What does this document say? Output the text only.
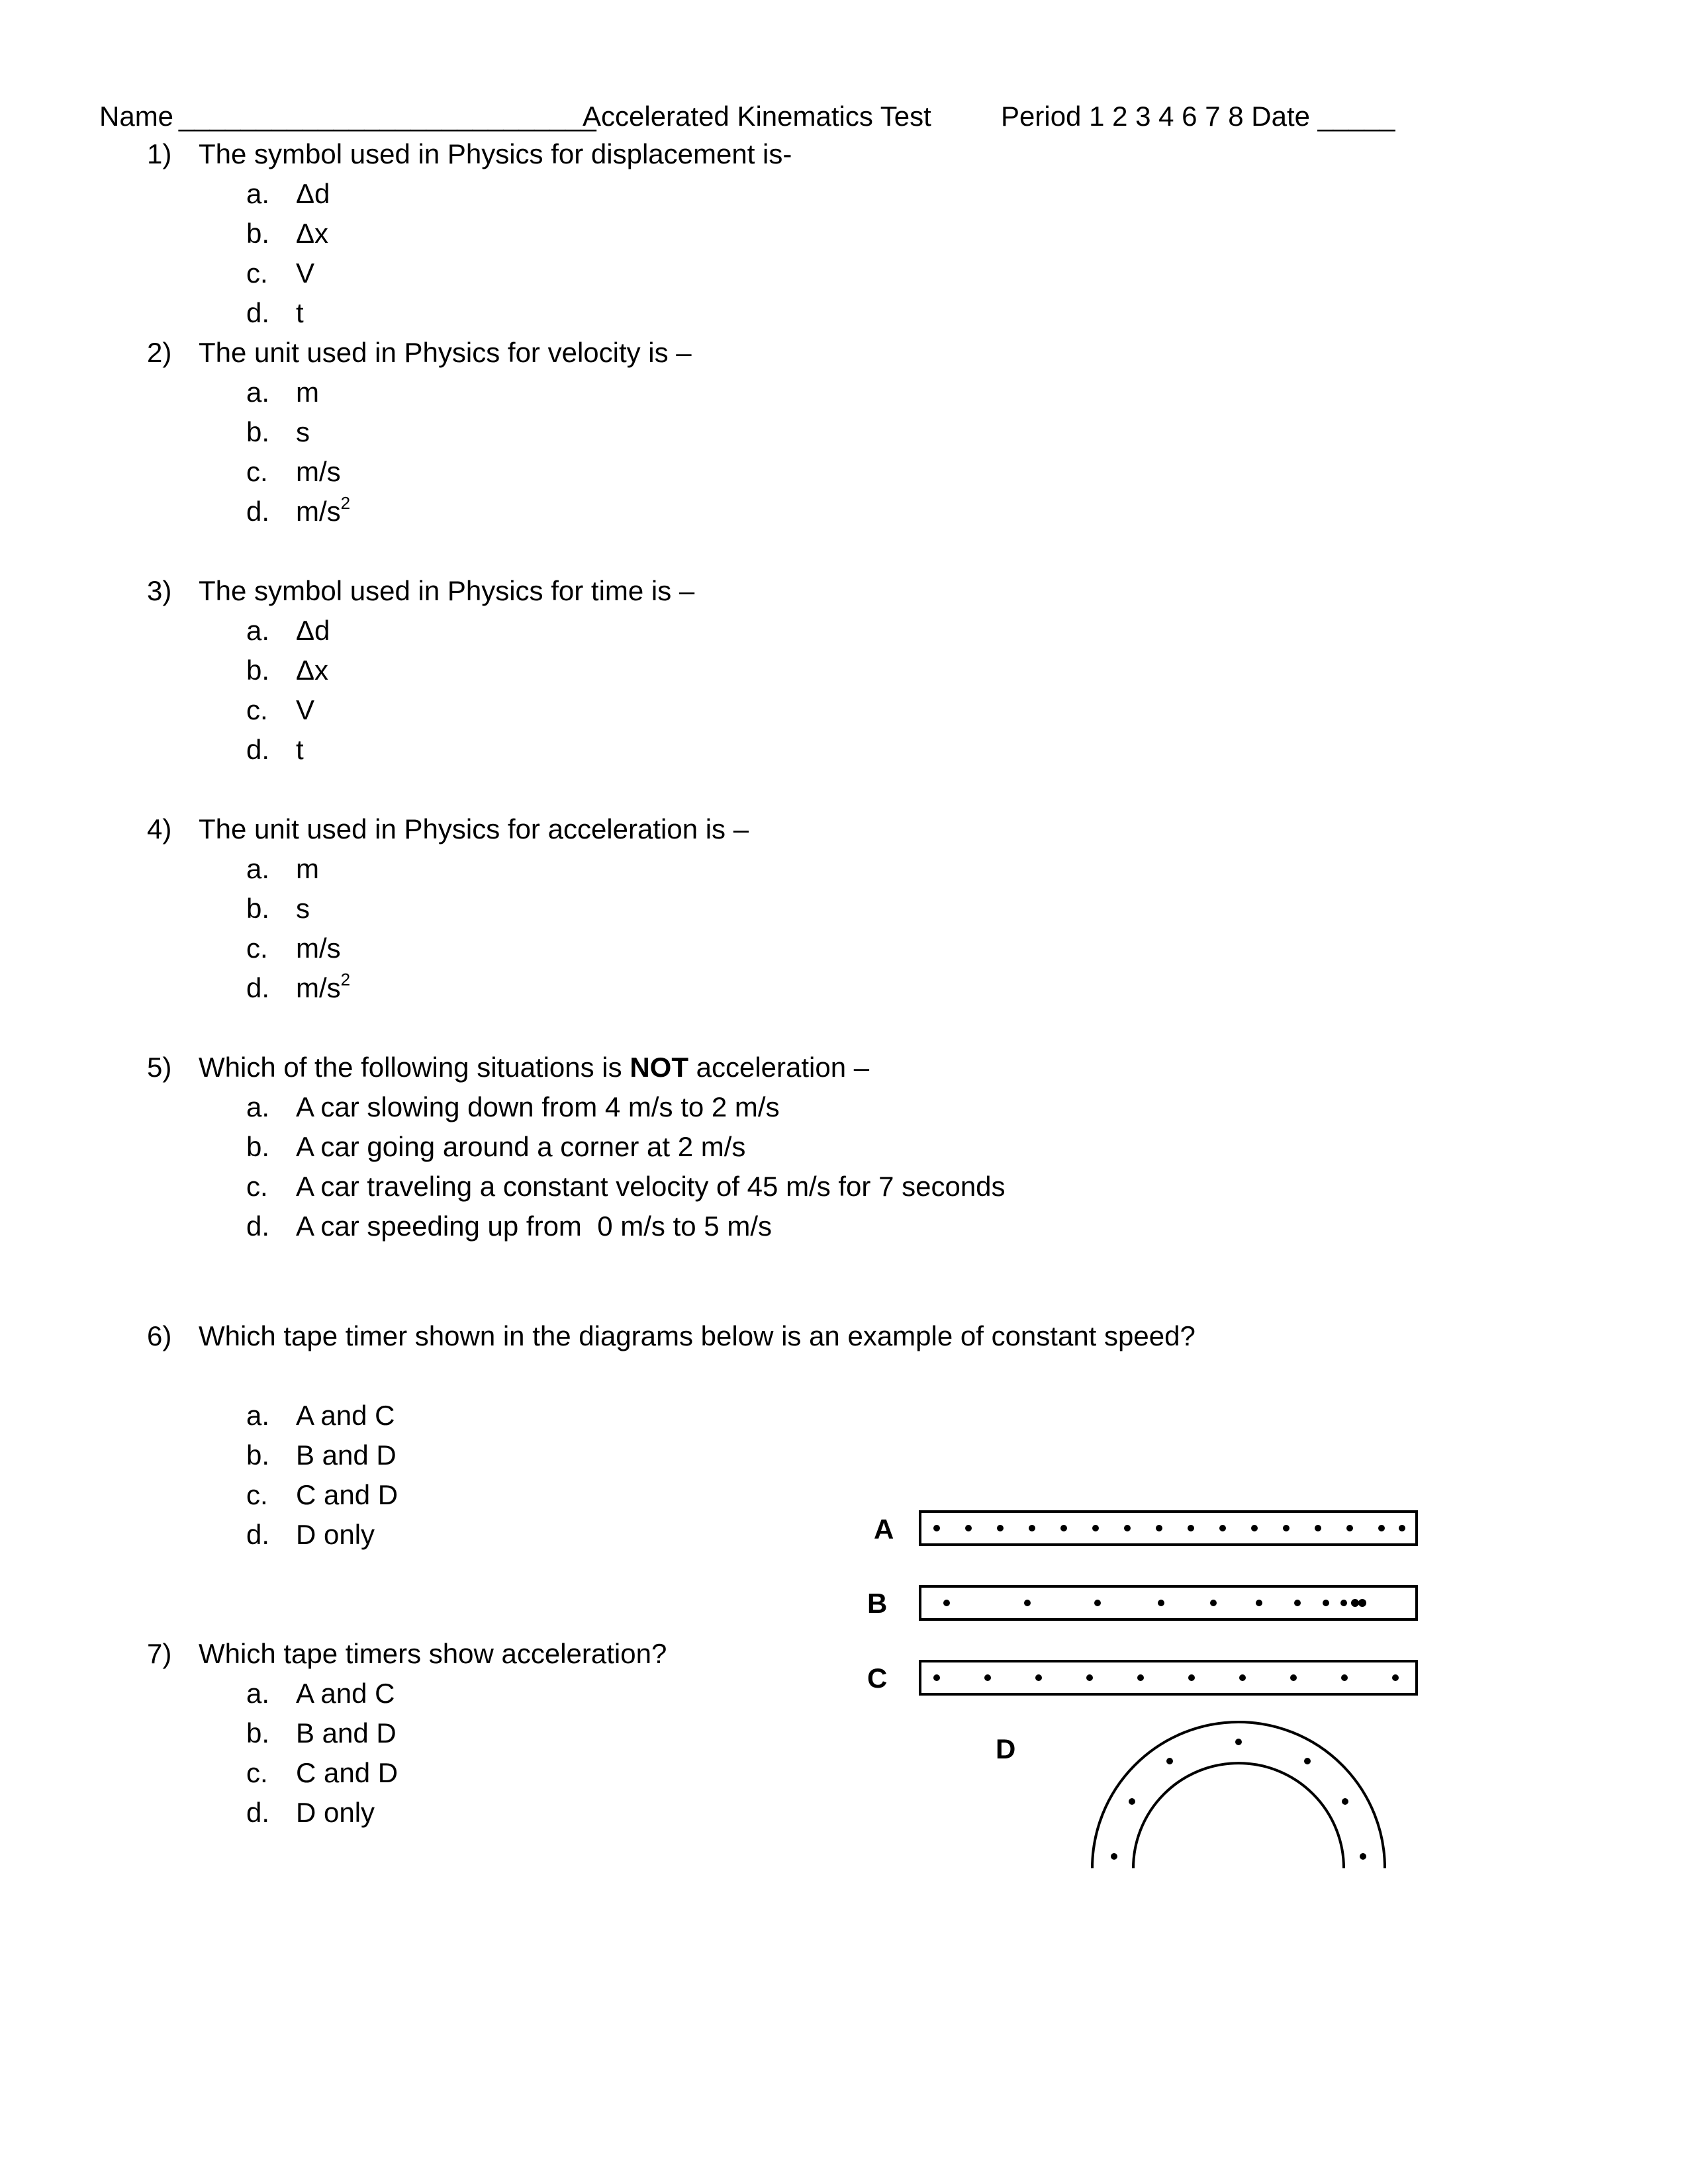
Name ___________________________
Accelerated Kinematics Test	Period 1 2 3 4 6 7 8 Date _____
1) The symbol used in Physics for displacement is-
a. Δd
b. Δx
c. V
d. t
2) The unit used in Physics for velocity is –
a. m
b. s
c. m/s
d. $m/s^2$
3) The symbol used in Physics for time is –
a. Δd
b. Δx
c. V
d. t
4) The unit used in Physics for acceleration is –
a. m
b. s
c. m/s
d. $m/s^2$
5) Which of the following situations is NOT acceleration –
a. A car slowing down from 4 m/s to 2 m/s
b. A car going around a corner at 2 m/s
c. A car traveling a constant velocity of 45 m/s for 7 seconds
d. A car speeding up from  0 m/s to 5 m/s
6) Which tape timer shown in the diagrams below is an example of constant speed?
a. A and C
b. B and D
c. C and D
d. D only
7) Which tape timers show acceleration?
a. A and C
b. B and D
c. C and D
d. D only
A
B
C
D
